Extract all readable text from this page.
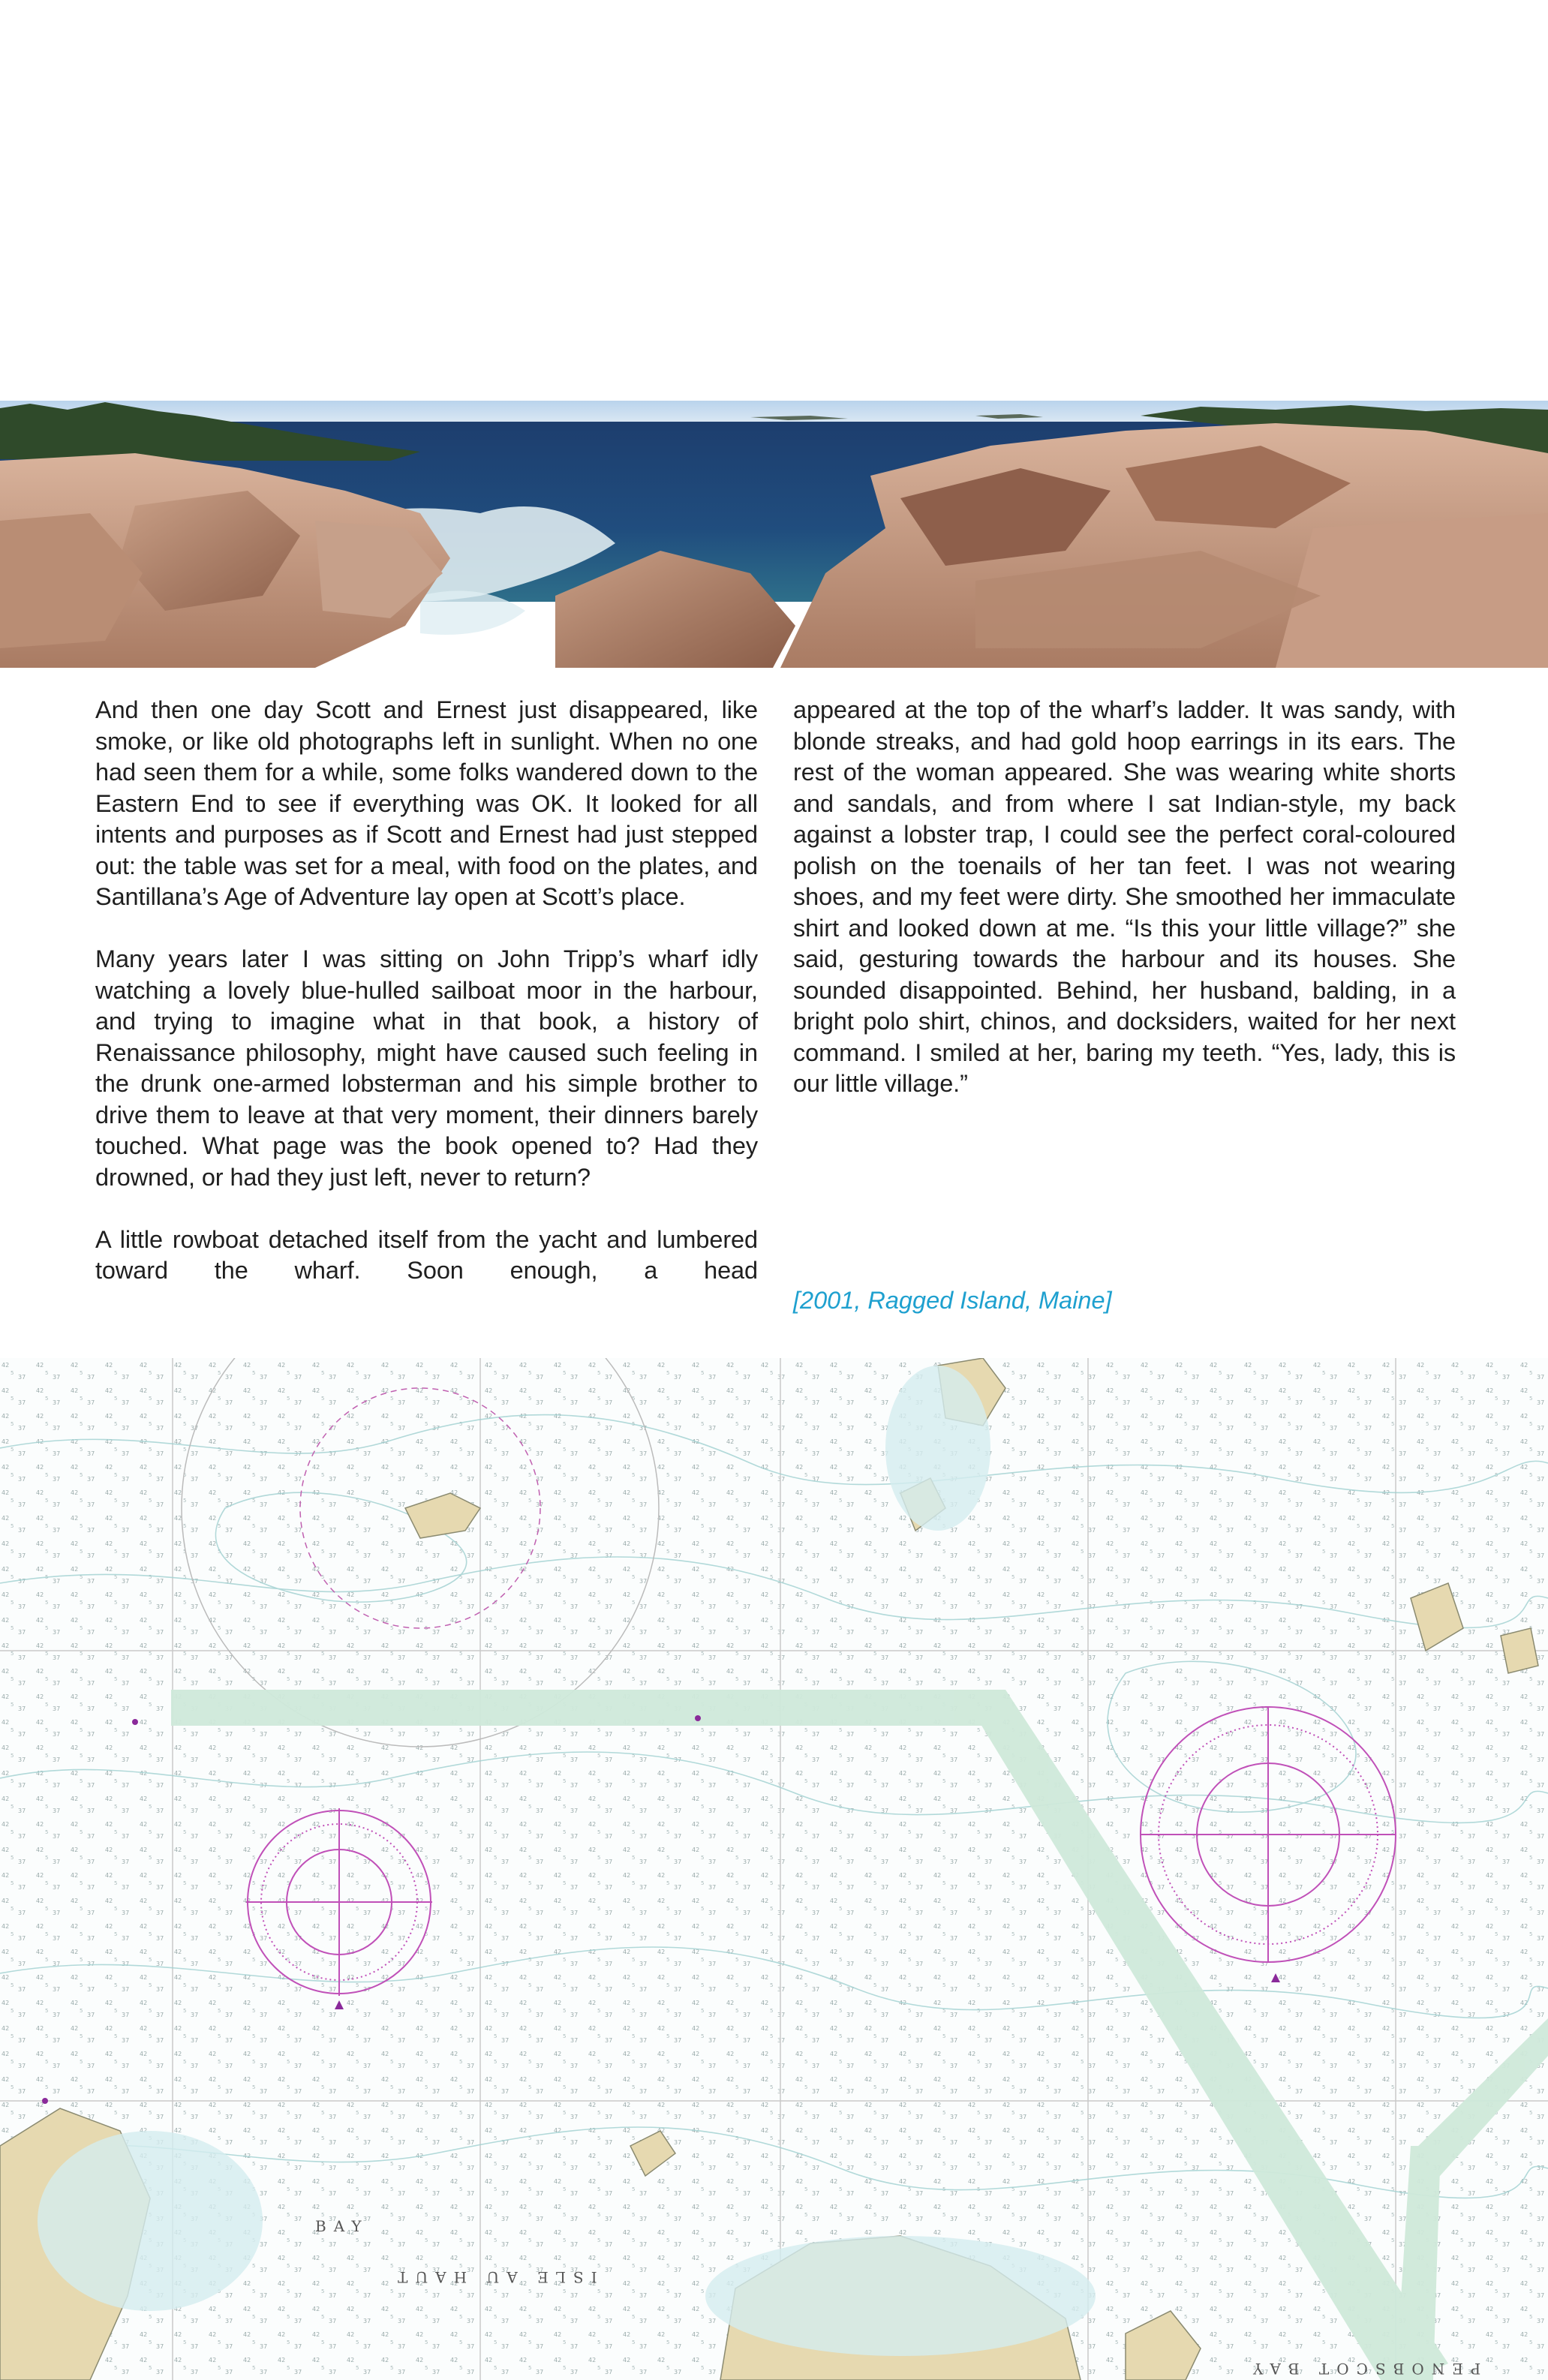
And then one day Scott and Ernest just disappeared, like smoke, or like old photographs left in sunlight. When no one had seen them for a while, some folks wandered down to the Eastern End to see if everything was OK. It looked for all intents and purposes as if Scott and Ernest had just stepped out: the table was set for a meal, with food on the plates, and Santillana’s Age of Adventure lay open at Scott’s place.

Many years later I was sitting on John Tripp’s wharf idly watching a lovely blue-hulled sailboat moor in the harbour, and trying to imagine what in that book, a history of Renaissance philosophy, might have caused such feeling in the drunk one-armed lobsterman and his simple brother to drive them to leave at that very moment, their dinners barely touched. What page was the book opened to? Had they drowned, or had they just left, never to return?

A little rowboat detached itself from the yacht and lumbered toward the wharf. Soon enough, a head

appeared at the top of the wharf’s ladder. It was sandy, with blonde streaks, and had gold hoop earrings in its ears. The rest of the woman appeared. She was wearing white shorts and sandals, and from where I sat Indian-style, my back against a lobster trap, I could see the perfect coral-coloured polish on the toenails of her tan feet. I was not wearing shoes, and my feet were dirty. She smoothed her immaculate shirt and looked down at me. “Is this your little village?” she said, gesturing towards the harbour and its houses. She sounded disappointed. Behind, her husband, balding, in a bright polo shirt, chinos, and docksiders, waited for her next command. I smiled at her, baring my teeth. “Yes, lady, this is our little village.”

[2001, Ragged Island, Maine]
BAY
ISLE AU HAUT
PENOBSCOT BAY
